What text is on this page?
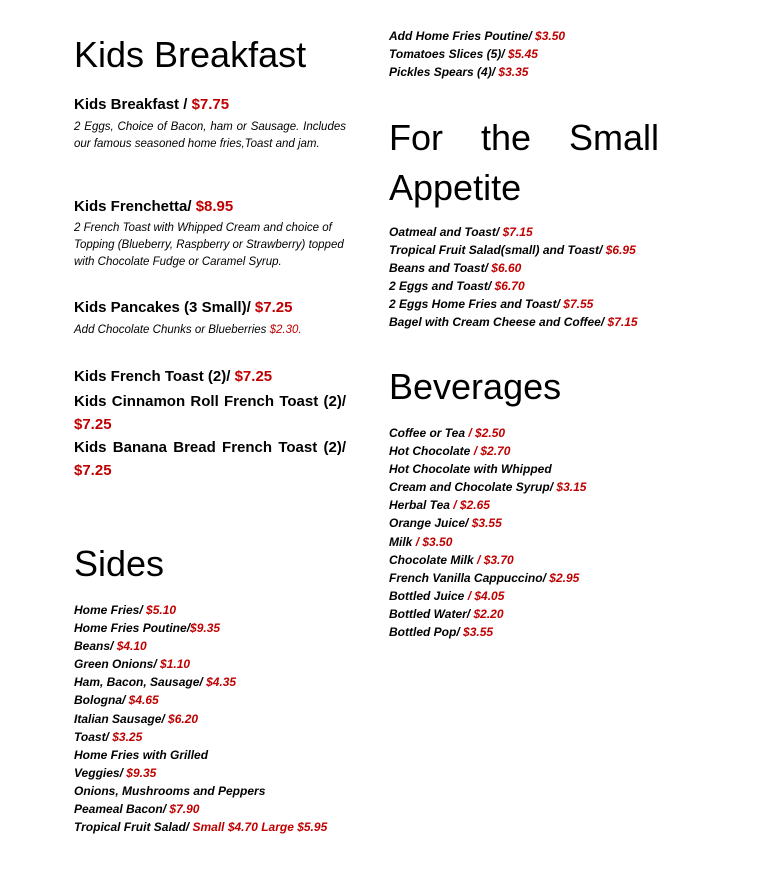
Kids Breakfast
Kids Breakfast / $7.75
2 Eggs, Choice of Bacon, ham or Sausage. Includes our famous seasoned home fries,Toast and jam.
Kids Frenchetta/ $8.95
2 French Toast with Whipped Cream and choice of Topping (Blueberry, Raspberry or Strawberry) topped with Chocolate Fudge or Caramel Syrup.
Kids Pancakes (3 Small)/ $7.25
Add Chocolate Chunks or Blueberries $2.30.
Kids French Toast (2)/ $7.25
Kids Cinnamon Roll French Toast (2)/ $7.25
Kids Banana Bread French Toast (2)/ $7.25
Sides
Home Fries/ $5.10
Home Fries Poutine/$9.35
Beans/ $4.10
Green Onions/ $1.10
Ham, Bacon, Sausage/ $4.35
Bologna/ $4.65
Italian Sausage/ $6.20
Toast/ $3.25
Home Fries with Grilled
Veggies/ $9.35
Onions, Mushrooms and Peppers
Peameal Bacon/ $7.90
Tropical Fruit Salad/ Small $4.70 Large $5.95
Add Home Fries Poutine/ $3.50
Tomatoes Slices (5)/ $5.45
Pickles Spears (4)/ $3.35
For the Small
Appetite
Oatmeal and Toast/ $7.15
Tropical Fruit Salad(small) and Toast/ $6.95
Beans and Toast/ $6.60
2 Eggs and Toast/ $6.70
2 Eggs Home Fries and Toast/ $7.55
Bagel with Cream Cheese and Coffee/ $7.15
Beverages
Coffee or Tea / $2.50
Hot Chocolate / $2.70
Hot Chocolate with Whipped
Cream and Chocolate Syrup/ $3.15
Herbal Tea / $2.65
Orange Juice/ $3.55
Milk / $3.50
Chocolate Milk / $3.70
French Vanilla Cappuccino/ $2.95
Bottled Juice / $4.05
Bottled Water/ $2.20
Bottled Pop/ $3.55
